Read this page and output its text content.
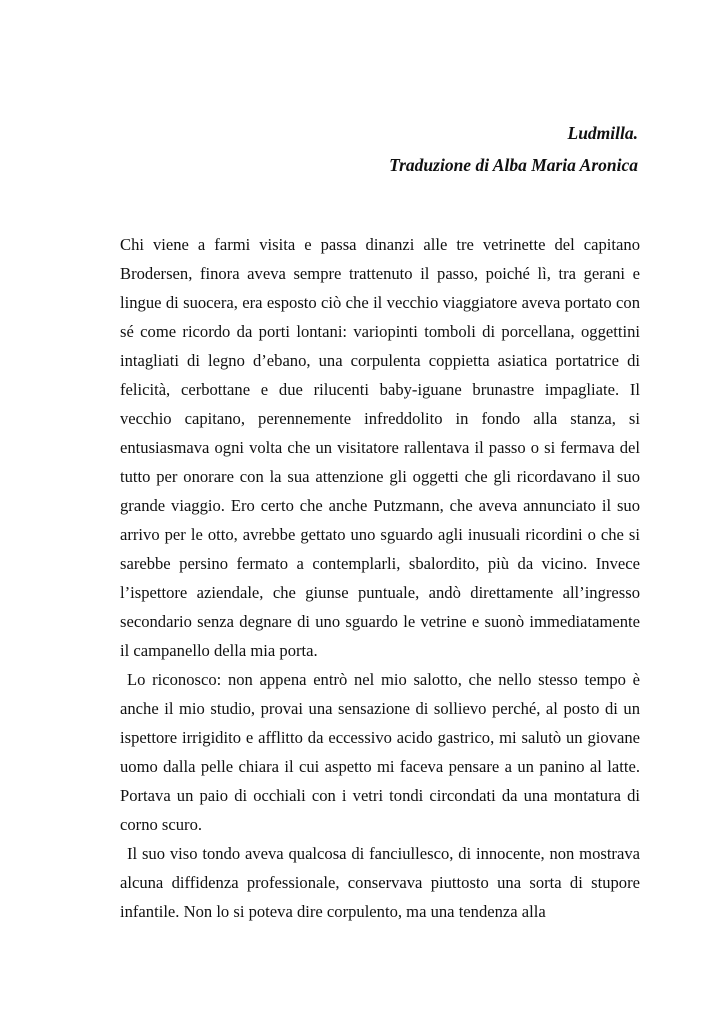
Ludmilla.
Traduzione di Alba Maria Aronica

Chi viene a farmi visita e passa dinanzi alle tre vetrinette del capitano Brodersen, finora aveva sempre trattenuto il passo, poiché lì, tra gerani e lingue di suocera, era esposto ciò che il vecchio viaggiatore aveva portato con sé come ricordo da porti lontani: variopinti tomboli di porcellana, oggettini intagliati di legno d’ebano, una corpulenta coppietta asiatica portatrice di felicità, cerbottane e due rilucenti baby-iguane brunastre impagliate. Il vecchio capitano, perennemente infreddolito in fondo alla stanza, si entusiasmava ogni volta che un visitatore rallentava il passo o si fermava del tutto per onorare con la sua attenzione gli oggetti che gli ricordavano il suo grande viaggio. Ero certo che anche Putzmann, che aveva annunciato il suo arrivo per le otto, avrebbe gettato uno sguardo agli inusuali ricordini o che si sarebbe persino fermato a contemplarli, sbalordito, più da vicino. Invece l’ispettore aziendale, che giunse puntuale, andò direttamente all’ingresso secondario senza degnare di uno sguardo le vetrine e suonò immediatamente il campanello della mia porta.

Lo riconosco: non appena entrò nel mio salotto, che nello stesso tempo è anche il mio studio, provai una sensazione di sollievo perché, al posto di un ispettore irrigidito e afflitto da eccessivo acido gastrico, mi salutò un giovane uomo dalla pelle chiara il cui aspetto mi faceva pensare a un panino al latte. Portava un paio di occhiali con i vetri tondi circondati da una montatura di corno scuro.

Il suo viso tondo aveva qualcosa di fanciullesco, di innocente, non mostrava alcuna diffidenza professionale, conservava piuttosto una sorta di stupore infantile. Non lo si poteva dire corpulento, ma una tendenza alla
